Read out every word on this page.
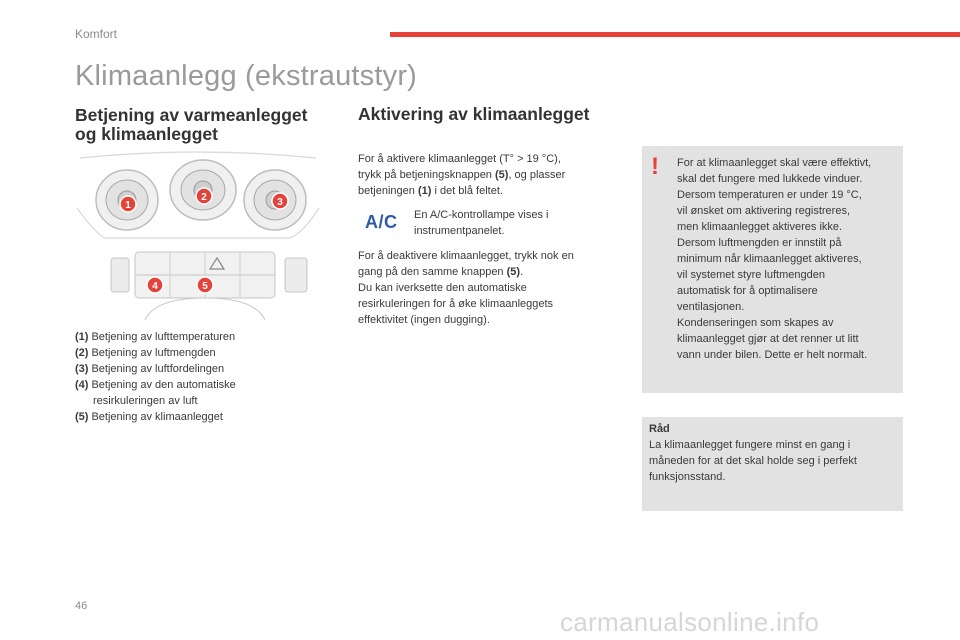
Komfort
Klimaanlegg (ekstrautstyr)
Betjening av varmeanlegget
og klimaanlegget
1
2	3
4	5
(1) Betjening av lufttemperaturen
(2) Betjening av luftmengden
(3) Betjening av luftfordelingen
(4) Betjening av den automatiske
resirkuleringen av luft
(5) Betjening av klimaanlegget
Aktivering av klimaanlegget
For å aktivere klimaanlegget (T° > 19 °C),
trykk på betjeningsknappen (5), og plasser
betjeningen (1) i det blå feltet.
A/C En A/C-kontrollampe vises i
instrumentpanelet.
For å deaktivere klimaanlegget, trykk nok en
gang på den samme knappen (5).
Du kan iverksette den automatiske
resirkuleringen for å øke klimaanleggets
effektivitet (ingen dugging).
! For at klimaanlegget skal være effektivt,
skal det fungere med lukkede vinduer.
Dersom temperaturen er under 19 °C,
vil ønsket om aktivering registreres,
men klimaanlegget aktiveres ikke.
Dersom luftmengden er innstilt på
minimum når klimaanlegget aktiveres,
vil systemet styre luftmengden
automatisk for å optimalisere
ventilasjonen.
Kondenseringen som skapes av
klimaanlegget gjør at det renner ut litt
vann under bilen. Dette er helt normalt.
Råd
La klimaanlegget fungere minst en gang i
måneden for at det skal holde seg i perfekt
funksjonsstand.
46
carmanualsonline.info
